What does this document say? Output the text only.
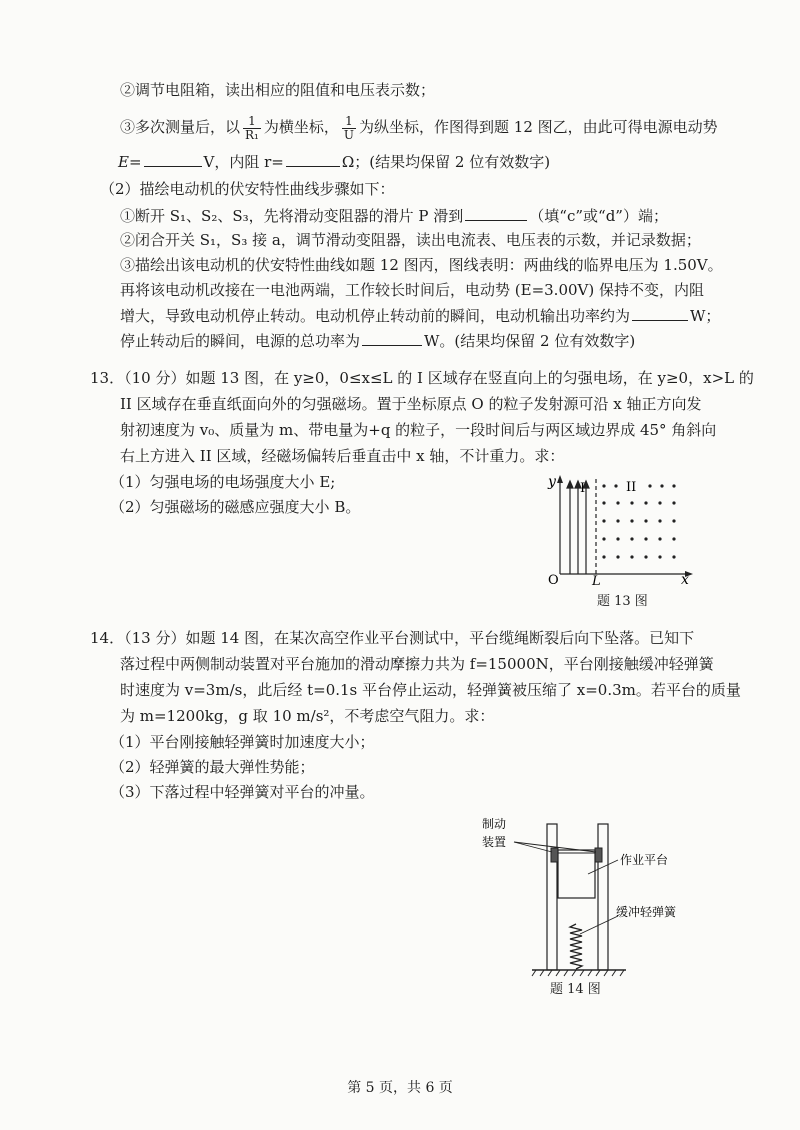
②调节电阻箱，读出相应的阻值和电压表示数；
③多次测量后，以 $\frac{1}{\text{R₁}}$ 为横坐标， $\frac{1}{U}$ 为纵坐标，作图得到题 12 图乙，由此可得电源电动势
E=	V，内阻 r=	Ω；(结果均保留 2 位有效数字)
（2）描绘电动机的伏安特性曲线步骤如下：
①断开 S₁、S₂、S₃，先将滑动变阻器的滑片 P 滑到	（填“c”或“d”）端；
②闭合开关 S₁，S₃ 接 a，调节滑动变阻器，读出电流表、电压表的示数，并记录数据；
③描绘出该电动机的伏安特性曲线如题 12 图丙，图线表明：两曲线的临界电压为 1.50V。
再将该电动机改接在一电池两端，工作较长时间后，电动势 (E=3.00V) 保持不变，内阻
增大，导致电动机停止转动。电动机停止转动前的瞬间，电动机输出功率约为	W；
停止转动后的瞬间，电源的总功率为	W。(结果均保留 2 位有效数字)
13．（10 分）如题 13 图，在 y≥0，0≤x≤L 的 I 区域存在竖直向上的匀强电场，在 y≥0，x>L 的
II 区域存在垂直纸面向外的匀强磁场。置于坐标原点 O 的粒子发射源可沿 x 轴正方向发
射初速度为 v₀、质量为 m、带电量为+q 的粒子，一段时间后与两区域边界成 45° 角斜向
右上方进入 II 区域，经磁场偏转后垂直击中 x 轴，不计重力。求：
（1）匀强电场的电场强度大小 E;
（2）匀强磁场的磁感应强度大小 B。
y I	II
O	L	x
题 13 图
14．（13 分）如题 14 图，在某次高空作业平台测试中，平台缆绳断裂后向下坠落。已知下
落过程中两侧制动装置对平台施加的滑动摩擦力共为 f=15000N，平台刚接触缓冲轻弹簧
时速度为 v=3m/s，此后经 t=0.1s 平台停止运动，轻弹簧被压缩了 x=0.3m。若平台的质量
为 m=1200kg，g 取 10 m/s²，不考虑空气阻力。求：
（1）平台刚接触轻弹簧时加速度大小；
（2）轻弹簧的最大弹性势能；
（3）下落过程中轻弹簧对平台的冲量。
制动
装置
作业平台
缓冲轻弹簧
题 14 图
第 5 页，共 6 页
